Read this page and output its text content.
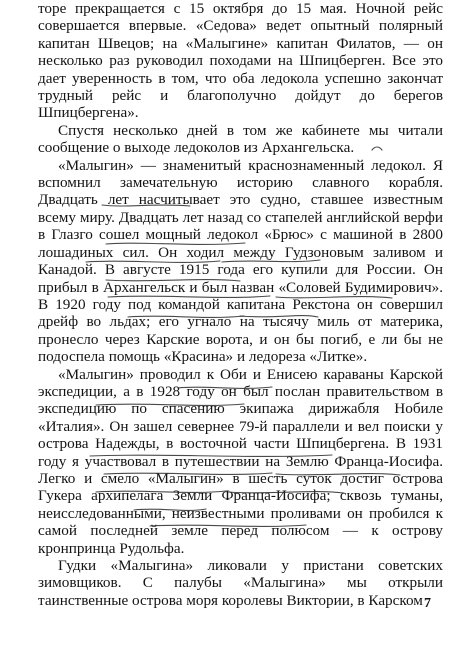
торе прекращается с 15 октября до 15 мая. Ночной рейс совершается впервые. «Седова» ведет опытный полярный капитан Швецов; на «Малыгине» капитан Филатов, — он несколько раз руководил походами на Шпицберген. Все это дает уверенность в том, что оба ледокола успешно закончат трудный рейс и благополучно дойдут до берегов Шпицбергена».

Спустя несколько дней в том же кабинете мы читали сообщение о выходе ледоколов из Архангельска.

«Малыгин» — знаменитый краснознаменный ледокол. Я вспомнил замечательную историю славного корабля. Двадцать лет насчитывает это судно, ставшее известным всему миру. Двадцать лет назад со стапелей английской верфи в Глазго сошел мощный ледокол «Брюс» с машиной в 2800 лошадиных сил. Он ходил между Гудзоновым заливом и Канадой. В августе 1915 года его купили для России. Он прибыл в Архангельск и был назван «Соловей Будимирович». В 1920 году под командой капитана Рекстона он совершил дрейф во льдах; его угнало на тысячу миль от материка, пронесло через Карские ворота, и он бы погиб, е ли бы не подоспела помощь «Красина» и ледореза «Литке».

«Малыгин» проводил к Оби и Енисею караваны Карской экспедиции, а в 1928 году он был послан правительством в экспедицию по спасению экипажа дирижабля Нобиле «Италия». Он зашел севернее 79-й параллели и вел поиски у острова Надежды, в восточной части Шпицбергена. В 1931 году я участвовал в путешествии на Землю Франца-Иосифа. Легко и смело «Малыгин» в шесть суток достиг острова Гукера архипелага Земли Франца-Иосифа; сквозь туманы, неисследованными, неизвестными проливами он пробился к самой последней земле перед полюсом — к острову кронпринца Рудольфа.

Гудки «Малыгина» ликовали у пристани советских зимовщиков. С палубы «Малыгина» мы открыли таинственные острова моря королевы Виктории, в Карском 7
